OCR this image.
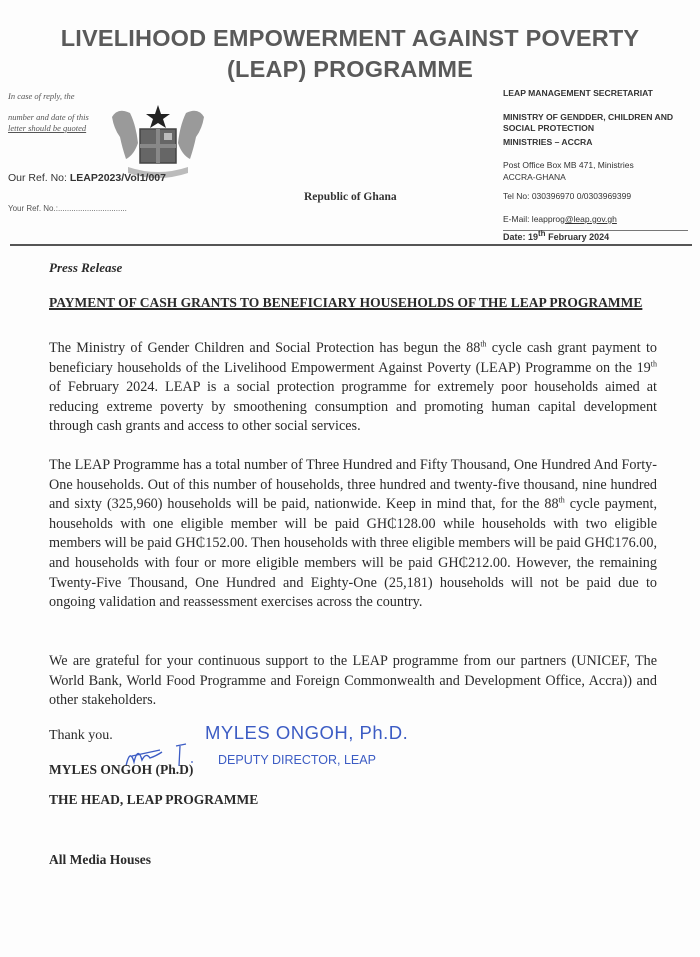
LIVELIHOOD EMPOWERMENT AGAINST POVERTY
(LEAP) PROGRAMME
In case of reply, the
number and date of this
letter should be quoted
Our Ref. No: LEAP2023/Vol1/007
Your Ref. No.:...............................
Republic of Ghana
LEAP MANAGEMENT SECRETARIAT
MINISTRY OF GENDDER, CHILDREN AND
SOCIAL PROTECTION
MINISTRIES – ACCRA
Post Office Box MB 471, Ministries
ACCRA-GHANA
Tel No: 030396970 0/0303969399
E-Mail: leapprog@leap.gov.gh
Date: 19th February 2024
Press Release
PAYMENT OF CASH GRANTS TO BENEFICIARY HOUSEHOLDS OF THE LEAP PROGRAMME
The Ministry of Gender Children and Social Protection has begun the 88th cycle cash grant payment to beneficiary households of the Livelihood Empowerment Against Poverty (LEAP) Programme on the 19th of February 2024. LEAP is a social protection programme for extremely poor households aimed at reducing extreme poverty by smoothening consumption and promoting human capital development through cash grants and access to other social services.
The LEAP Programme has a total number of Three Hundred and Fifty Thousand, One Hundred And Forty-One households. Out of this number of households, three hundred and twenty-five thousand, nine hundred and sixty (325,960) households will be paid, nationwide. Keep in mind that, for the 88th cycle payment, households with one eligible member will be paid GH₵128.00 while households with two eligible members will be paid GH₵152.00. Then households with three eligible members will be paid GH₵176.00, and households with four or more eligible members will be paid GH₵212.00. However, the remaining Twenty-Five Thousand, One Hundred and Eighty-One (25,181) households will not be paid due to ongoing validation and reassessment exercises across the country.
We are grateful for your continuous support to the LEAP programme from our partners (UNICEF, The World Bank, World Food Programme and Foreign Commonwealth and Development Office, Accra)) and other stakeholders.
Thank you.	MYLES ONGOH, Ph.D.
DEPUTY DIRECTOR, LEAP
MYLES ONGOH (Ph.D)
THE HEAD, LEAP PROGRAMME
All Media Houses
